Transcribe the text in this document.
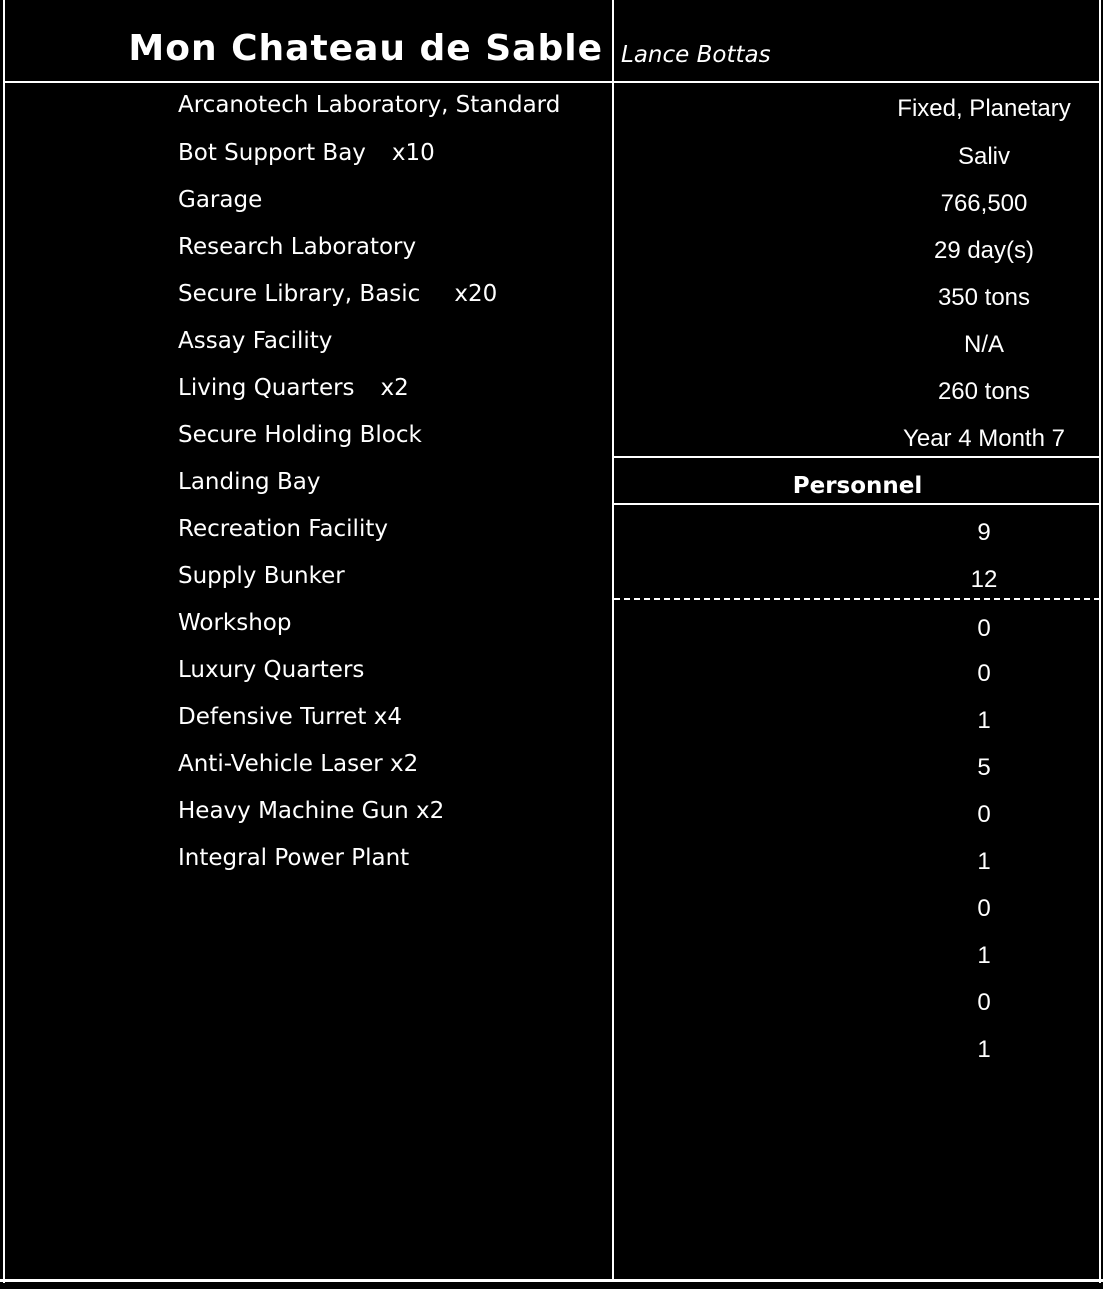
Mon Chateau de Sable Lance Bottas
Arcanotech Laboratory, Standard
Bot Support Bay x10
Garage
Research Laboratory
Secure Library, Basic x20
Assay Facility
Living Quarters x2
Secure Holding Block
Landing Bay
Recreation Facility
Supply Bunker
Workshop
Luxury Quarters
Defensive Turret x4
Anti-Vehicle Laser x2
Heavy Machine Gun x2
Integral Power Plant
Fixed, Planetary
Saliv
766,500
29 day(s)
350 tons
N/A
260 tons
Year 4 Month 7
Personnel
9
12
0
0
1
5
0
1
0
1
0
1
